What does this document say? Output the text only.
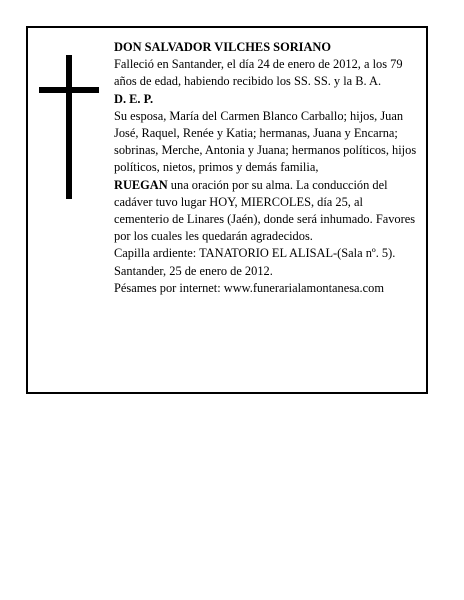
DON SALVADOR VILCHES SORIANO

Falleció en Santander, el día 24 de enero de 2012, a los 79 años de edad, habiendo recibido los SS. SS. y la B. A.

D. E. P.

Su esposa, María del Carmen Blanco Carballo; hijos, Juan José, Raquel, Renée y Katia; hermanas, Juana y Encarna; sobrinas, Merche, Antonia y Juana; hermanos políticos, hijos políticos, nietos, primos y demás familia,

RUEGAN una oración por su alma. La conducción del cadáver tuvo lugar HOY, MIERCOLES, día 25, al cementerio de Linares (Jaén), donde será inhumado. Favores por los cuales les quedarán agradecidos.

Capilla ardiente: TANATORIO EL ALISAL-(Sala nº. 5).

Santander, 25 de enero de 2012.

Pésames por internet: www.funerarialamontanesa.com
